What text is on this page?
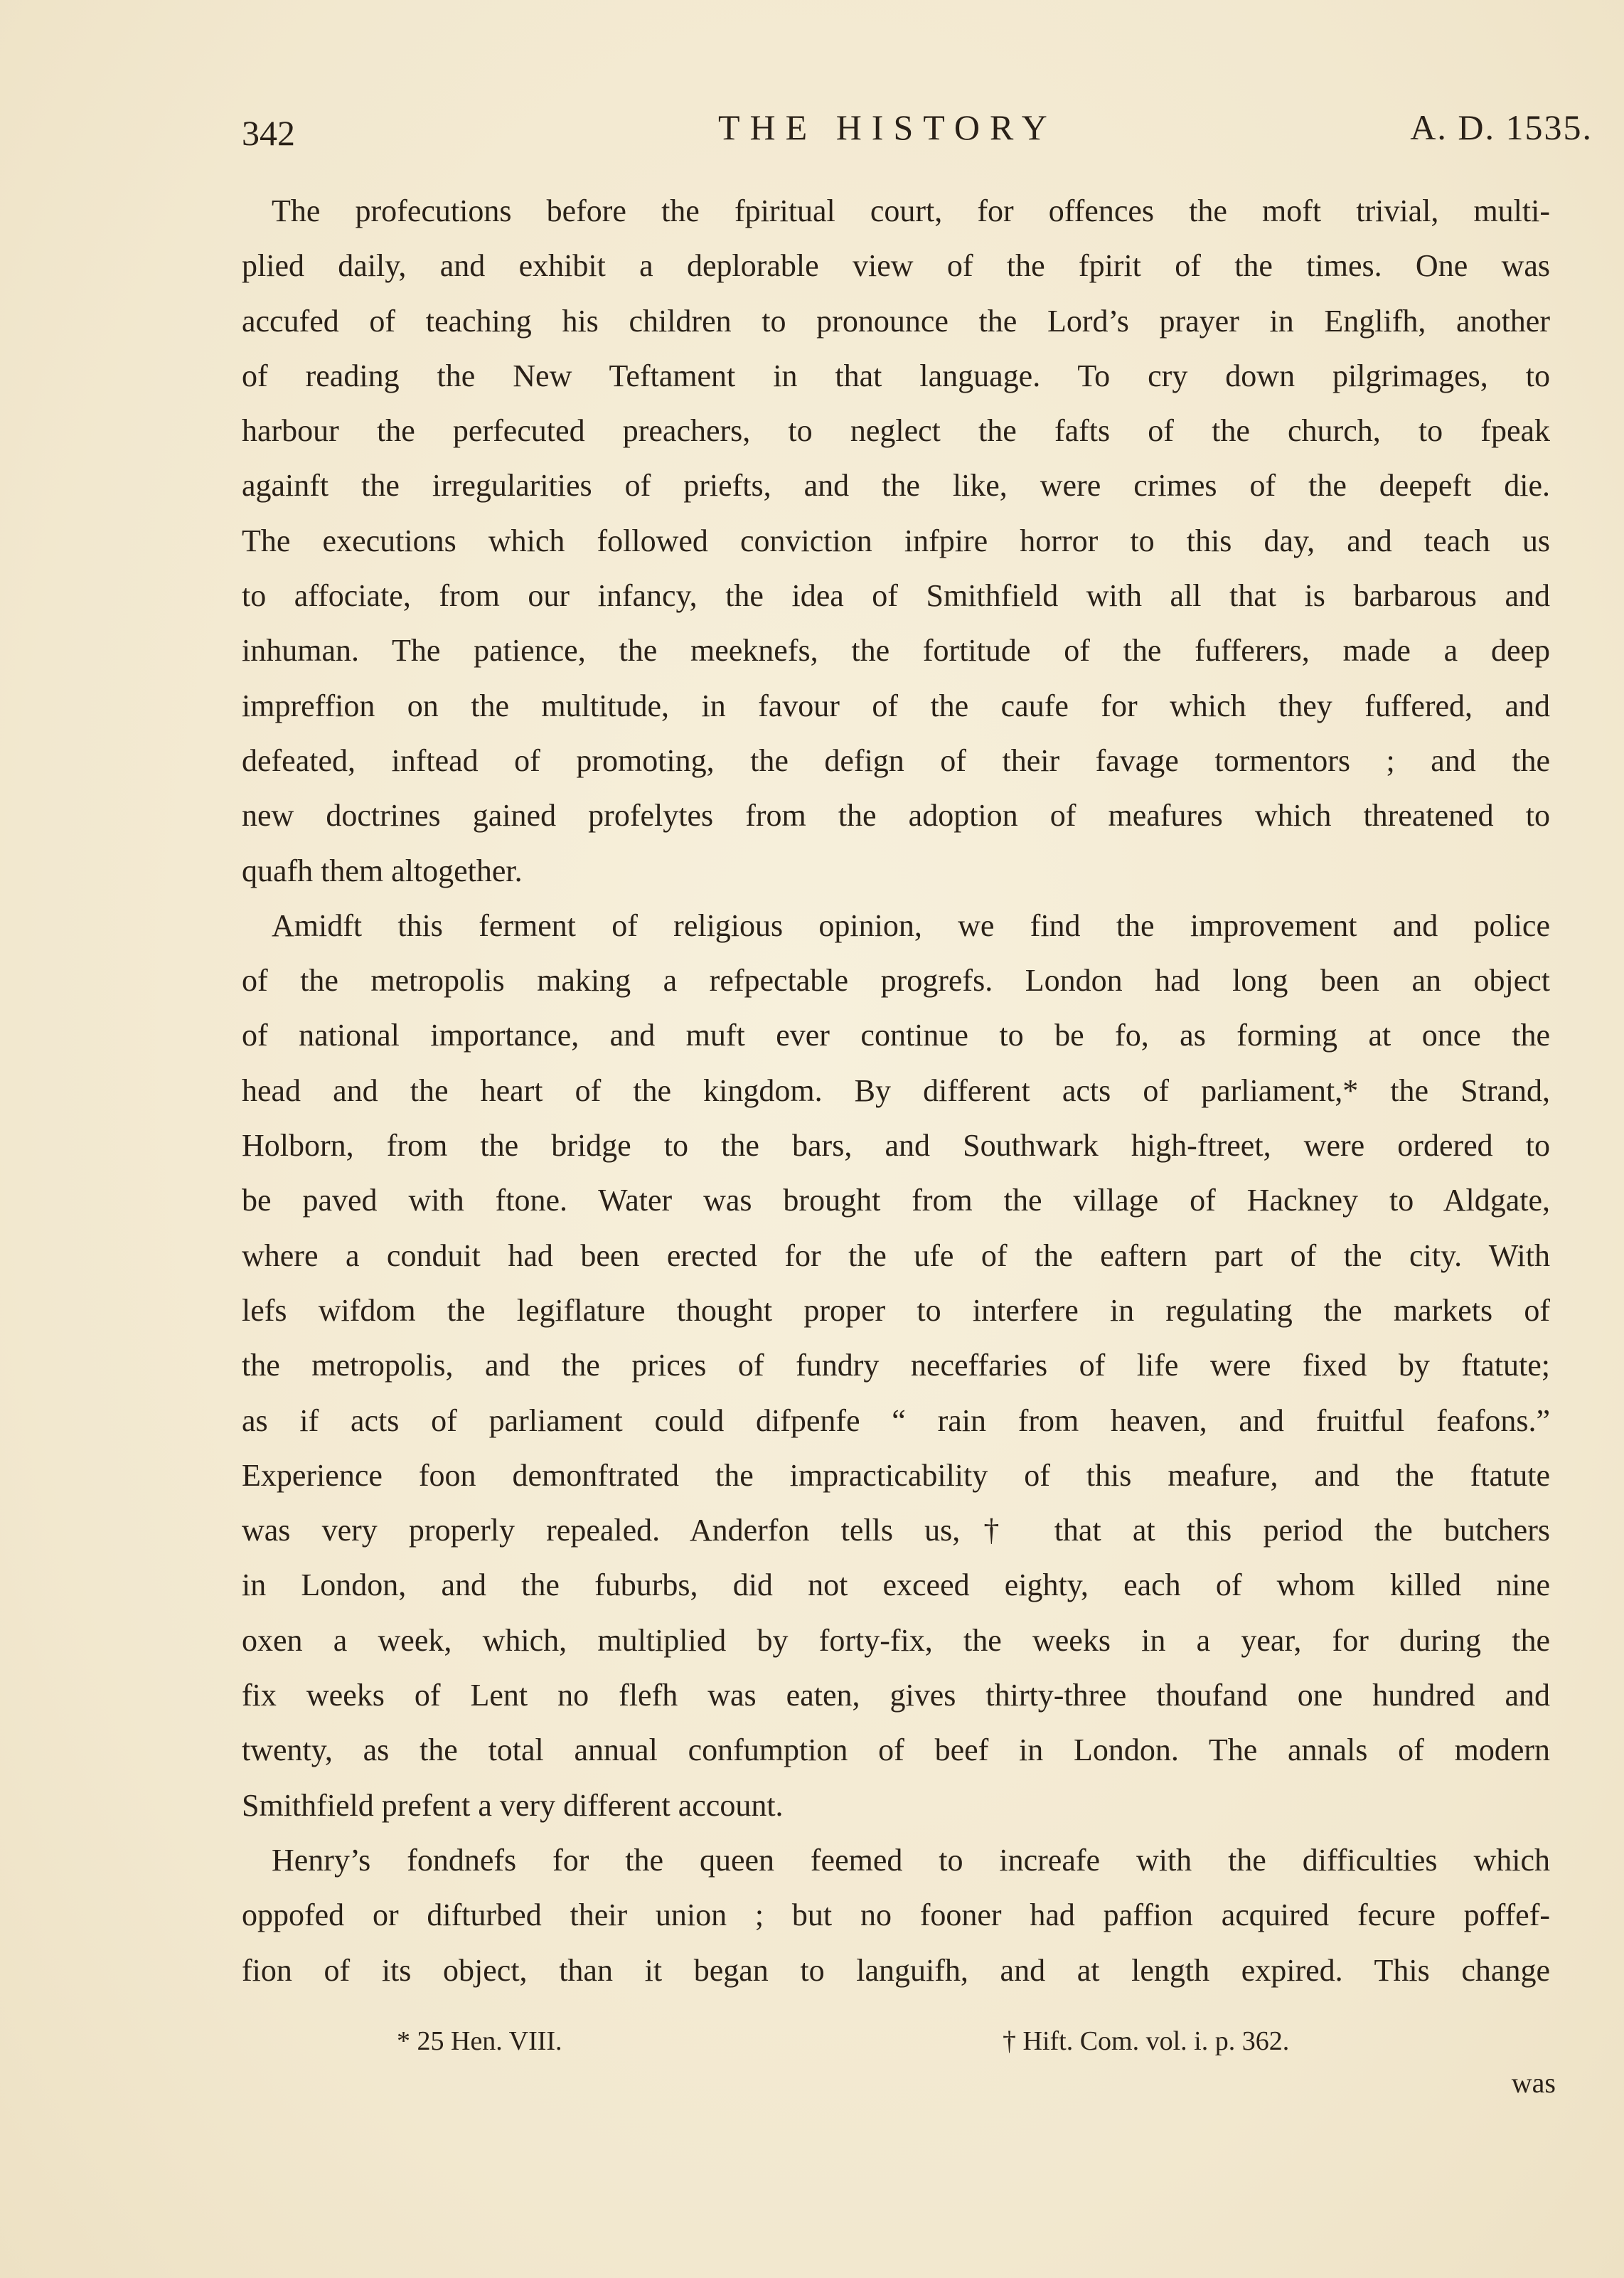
342	THE HISTORY	A. D. 1535.
The profecutions before the fpiritual court, for offences the moft trivial, multi-
plied daily, and exhibit a deplorable view of the fpirit of the times. One was
accufed of teaching his children to pronounce the Lord’s prayer in Englifh, another
of reading the New Teftament in that language. To cry down pilgrimages, to
harbour the perfecuted preachers, to neglect the fafts of the church, to fpeak
againft the irregularities of priefts, and the like, were crimes of the deepeft die.
The executions which followed conviction infpire horror to this day, and teach us
to affociate, from our infancy, the idea of Smithfield with all that is barbarous and
inhuman. The patience, the meeknefs, the fortitude of the fufferers, made a deep
impreffion on the multitude, in favour of the caufe for which they fuffered, and
defeated, inftead of promoting, the defign of their favage tormentors ; and the
new doctrines gained profelytes from the adoption of meafures which threatened to
quafh them altogether.
Amidft this ferment of religious opinion, we find the improvement and police
of the metropolis making a refpectable progrefs. London had long been an object
of national importance, and muft ever continue to be fo, as forming at once the
head and the heart of the kingdom. By different acts of parliament,* the Strand,
Holborn, from the bridge to the bars, and Southwark high-ftreet, were ordered to
be paved with ftone. Water was brought from the village of Hackney to Aldgate,
where a conduit had been erected for the ufe of the eaftern part of the city. With
lefs wifdom the legiflature thought proper to interfere in regulating the markets of
the metropolis, and the prices of fundry neceffaries of life were fixed by ftatute;
as if acts of parliament could difpenfe “ rain from heaven, and fruitful feafons.”
Experience foon demonftrated the impracticability of this meafure, and the ftatute
was very properly repealed. Anderfon tells us,† that at this period the butchers
in London, and the fuburbs, did not exceed eighty, each of whom killed nine
oxen a week, which, multiplied by forty-fix, the weeks in a year, for during the
fix weeks of Lent no flefh was eaten, gives thirty-three thoufand one hundred and
twenty, as the total annual confumption of beef in London. The annals of modern
Smithfield prefent a very different account.
Henry’s fondnefs for the queen feemed to increafe with the difficulties which
oppofed or difturbed their union ; but no fooner had paffion acquired fecure poffef-
fion of its object, than it began to languifh, and at length expired. This change
* 25 Hen. VIII.	† Hift. Com. vol. i. p. 362.
was
